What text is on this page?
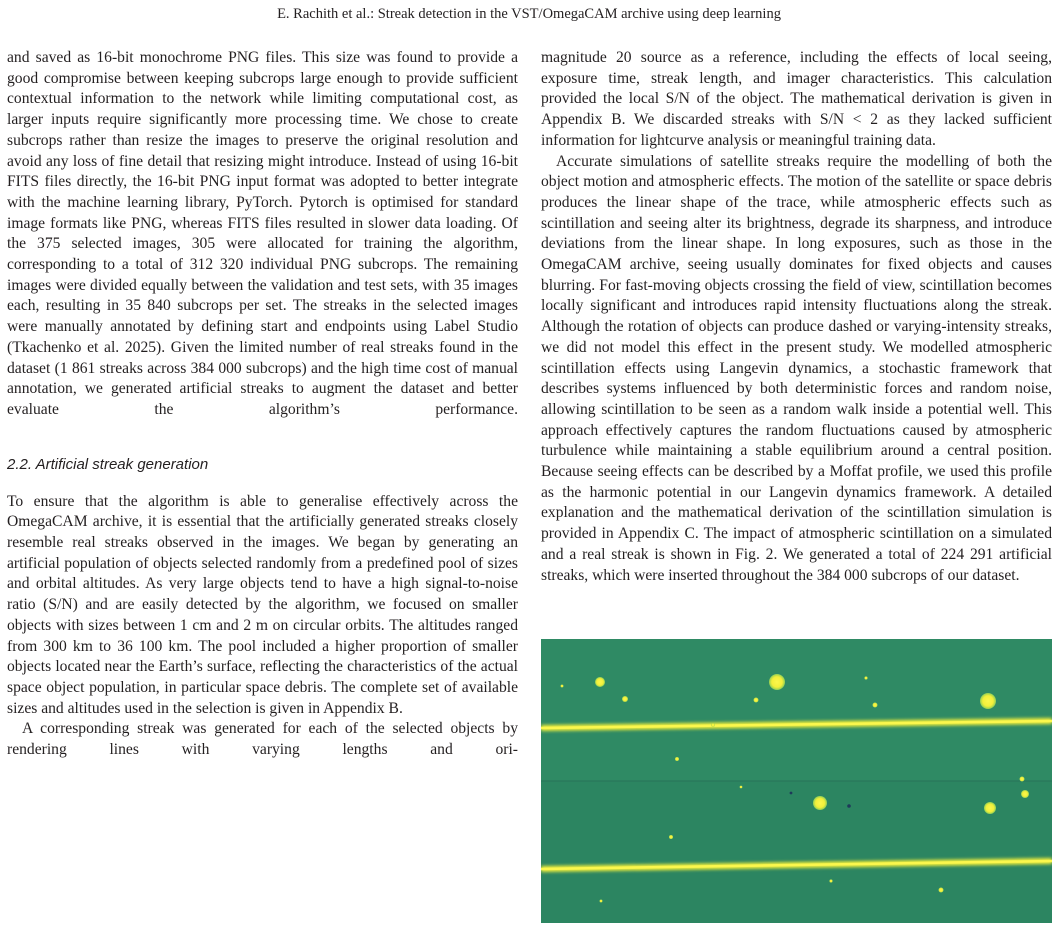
E. Rachith et al.: Streak detection in the VST/OmegaCAM archive using deep learning

and saved as 16-bit monochrome PNG files. This size was found to provide a good compromise between keeping subcrops large enough to provide sufficient contextual information to the network while limiting computational cost, as larger inputs require significantly more processing time. We chose to create subcrops rather than resize the images to preserve the original resolution and avoid any loss of fine detail that resizing might introduce. Instead of using 16-bit FITS files directly, the 16-bit PNG input format was adopted to better integrate with the machine learning library, PyTorch. Pytorch is optimised for standard image formats like PNG, whereas FITS files resulted in slower data loading. Of the 375 selected images, 305 were allocated for training the algorithm, corresponding to a total of 312 320 individual PNG subcrops. The remaining images were divided equally between the validation and test sets, with 35 images each, resulting in 35 840 subcrops per set. The streaks in the selected images were manually annotated by defining start and endpoints using Label Studio (Tkachenko et al. 2025). Given the limited number of real streaks found in the dataset (1 861 streaks across 384 000 subcrops) and the high time cost of manual annotation, we generated artificial streaks to augment the dataset and better evaluate the algorithm’s performance.

2.2. Artificial streak generation

To ensure that the algorithm is able to generalise effectively across the OmegaCAM archive, it is essential that the artificially generated streaks closely resemble real streaks observed in the images. We began by generating an artificial population of objects selected randomly from a predefined pool of sizes and orbital altitudes. As very large objects tend to have a high signal-to-noise ratio (S/N) and are easily detected by the algorithm, we focused on smaller objects with sizes between 1 cm and 2 m on circular orbits. The altitudes ranged from 300 km to 36 100 km. The pool included a higher proportion of smaller objects located near the Earth’s surface, reflecting the characteristics of the actual space object population, in particular space debris. The complete set of available sizes and altitudes used in the selection is given in Appendix B.

A corresponding streak was generated for each of the selected objects by rendering lines with varying lengths and ori-

magnitude 20 source as a reference, including the effects of local seeing, exposure time, streak length, and imager characteristics. This calculation provided the local S/N of the object. The mathematical derivation is given in Appendix B. We discarded streaks with S/N < 2 as they lacked sufficient information for lightcurve analysis or meaningful training data.

Accurate simulations of satellite streaks require the modelling of both the object motion and atmospheric effects. The motion of the satellite or space debris produces the linear shape of the trace, while atmospheric effects such as scintillation and seeing alter its brightness, degrade its sharpness, and introduce deviations from the linear shape. In long exposures, such as those in the OmegaCAM archive, seeing usually dominates for fixed objects and causes blurring. For fast-moving objects crossing the field of view, scintillation becomes locally significant and introduces rapid intensity fluctuations along the streak. Although the rotation of objects can produce dashed or varying-intensity streaks, we did not model this effect in the present study. We modelled atmospheric scintillation effects using Langevin dynamics, a stochastic framework that describes systems influenced by both deterministic forces and random noise, allowing scintillation to be seen as a random walk inside a potential well. This approach effectively captures the random fluctuations caused by atmospheric turbulence while maintaining a stable equilibrium around a central position. Because seeing effects can be described by a Moffat profile, we used this profile as the harmonic potential in our Langevin dynamics framework. A detailed explanation and the mathematical derivation of the scintillation simulation is provided in Appendix C. The impact of atmospheric scintillation on a simulated and a real streak is shown in Fig. 2. We generated a total of 224 291 artificial streaks, which were inserted throughout the 384 000 subcrops of our dataset.
